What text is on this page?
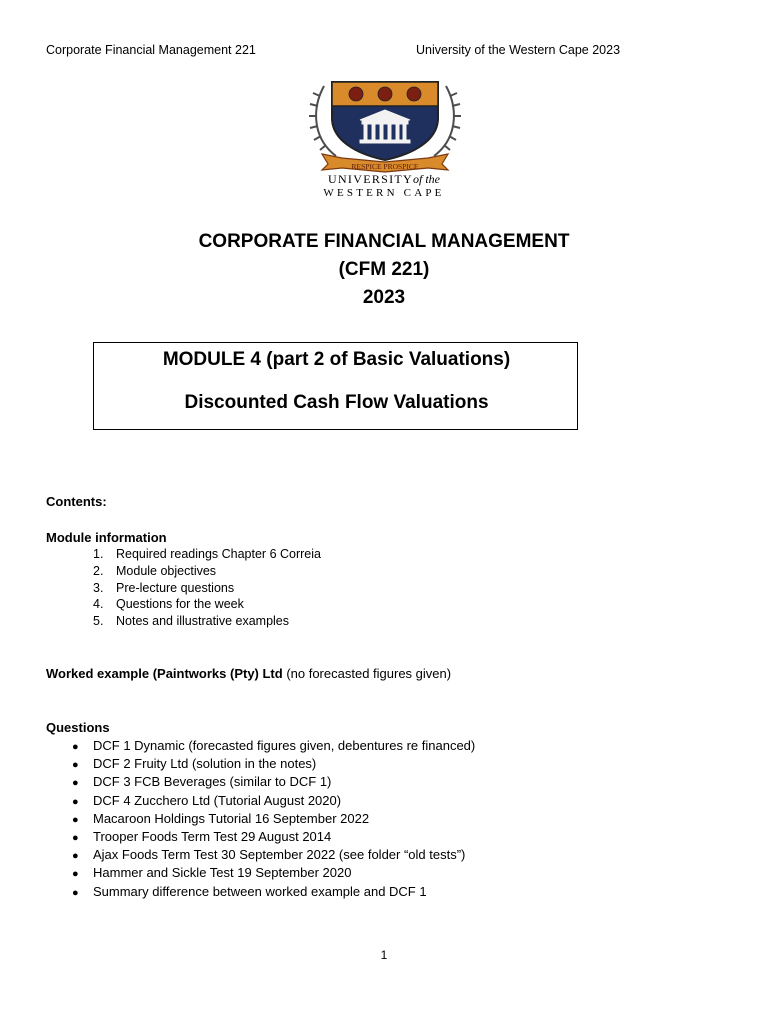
Corporate Financial Management 221	University of the Western Cape 2023
RESPICE PROSPICE
UNIVERSITYof the
WESTERN CAPE
CORPORATE FINANCIAL MANAGEMENT
(CFM 221)
2023
MODULE 4 (part 2 of Basic Valuations)
Discounted Cash Flow Valuations
Contents:
Module information
1. Required readings Chapter 6 Correia
2. Module objectives
3. Pre-lecture questions
4. Questions for the week
5. Notes and illustrative examples
Worked example (Paintworks (Pty) Ltd (no forecasted figures given)
Questions
● DCF 1 Dynamic (forecasted figures given, debentures re financed)
● DCF 2 Fruity Ltd (solution in the notes)
● DCF 3 FCB Beverages (similar to DCF 1)
● DCF 4 Zucchero Ltd (Tutorial August 2020)
● Macaroon Holdings Tutorial 16 September 2022
● Trooper Foods Term Test 29 August 2014
● Ajax Foods Term Test 30 September 2022 (see folder “old tests”)
● Hammer and Sickle Test 19 September 2020
● Summary difference between worked example and DCF 1
1
